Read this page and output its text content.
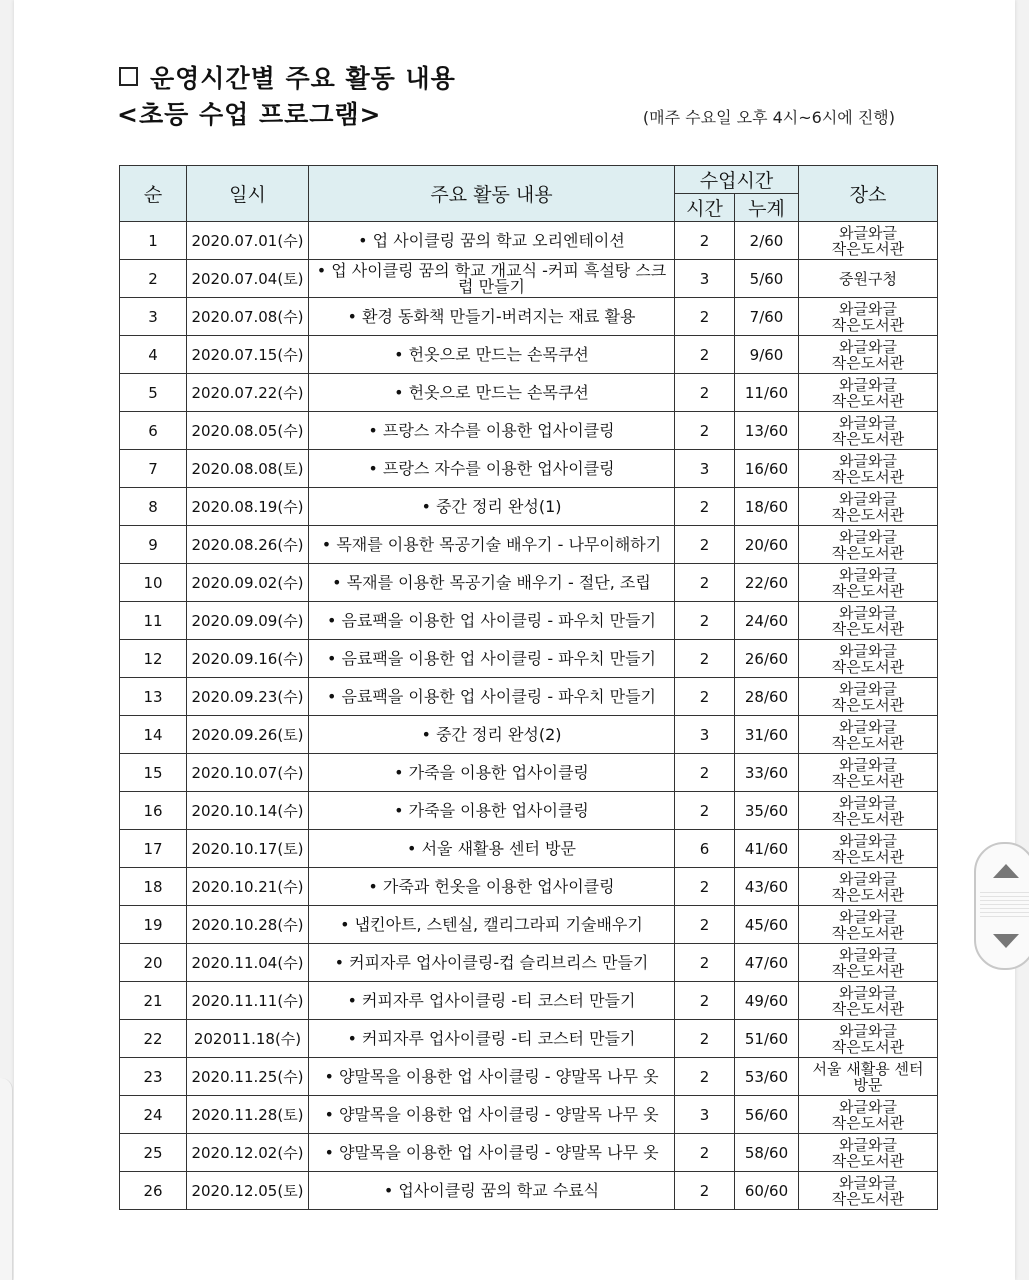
운영시간별 주요 활동 내용
<초등 수업 프로그램>	(매주 수요일 오후 4시~6시에 진행)
순	일시	주요 활동 내용	수업시간		장소
			시간	누계	
1	2020.07.01(수)	• 업 사이클링 꿈의 학교 오리엔테이션	2	2/60	와글와글
작은도서관

2	2020.07.04(토)	• 업 사이클링 꿈의 학교 개교식 -커피 흑설탕 스크럽 만들기	3	5/60	중원구청

3	2020.07.08(수)	• 환경 동화책 만들기-버려지는 재료 활용	2	7/60	와글와글
작은도서관

4	2020.07.15(수)	• 헌옷으로 만드는 손목쿠션	2	9/60	와글와글
작은도서관

5	2020.07.22(수)	• 헌옷으로 만드는 손목쿠션	2	11/60	와글와글
작은도서관

6	2020.08.05(수)	• 프랑스 자수를 이용한 업사이클링	2	13/60	와글와글
작은도서관

7	2020.08.08(토)	• 프랑스 자수를 이용한 업사이클링	3	16/60	와글와글
작은도서관

8	2020.08.19(수)	• 중간 정리 완성(1)	2	18/60	와글와글
작은도서관

9	2020.08.26(수)	• 목재를 이용한 목공기술 배우기 - 나무이해하기	2	20/60	와글와글
작은도서관

10	2020.09.02(수)	• 목재를 이용한 목공기술 배우기 - 절단, 조립	2	22/60	와글와글
작은도서관

11	2020.09.09(수)	• 음료팩을 이용한 업 사이클링 - 파우치 만들기	2	24/60	와글와글
작은도서관

12	2020.09.16(수)	• 음료팩을 이용한 업 사이클링 - 파우치 만들기	2	26/60	와글와글
작은도서관

13	2020.09.23(수)	• 음료팩을 이용한 업 사이클링 - 파우치 만들기	2	28/60	와글와글
작은도서관

14	2020.09.26(토)	• 중간 정리 완성(2)	3	31/60	와글와글
작은도서관

15	2020.10.07(수)	• 가죽을 이용한 업사이클링	2	33/60	와글와글
작은도서관

16	2020.10.14(수)	• 가죽을 이용한 업사이클링	2	35/60	와글와글
작은도서관

17	2020.10.17(토)	• 서울 새활용 센터 방문	6	41/60	와글와글
작은도서관

18	2020.10.21(수)	• 가죽과 헌옷을 이용한 업사이클링	2	43/60	와글와글
작은도서관

19	2020.10.28(수)	• 냅킨아트, 스텐실, 캘리그라피 기술배우기	2	45/60	와글와글
작은도서관

20	2020.11.04(수)	• 커피자루 업사이클링-컵 슬리브리스 만들기	2	47/60	와글와글
작은도서관

21	2020.11.11(수)	• 커피자루 업사이클링 -티 코스터 만들기	2	49/60	와글와글
작은도서관

22	202011.18(수)	• 커피자루 업사이클링 -티 코스터 만들기	2	51/60	와글와글
작은도서관

23	2020.11.25(수)	• 양말목을 이용한 업 사이클링 - 양말목 나무 옷	2	53/60	서울 새활용 센터
방문

24	2020.11.28(토)	• 양말목을 이용한 업 사이클링 - 양말목 나무 옷	3	56/60	와글와글
작은도서관

25	2020.12.02(수)	• 양말목을 이용한 업 사이클링 - 양말목 나무 옷	2	58/60	와글와글
작은도서관

26	2020.12.05(토)	• 업사이클링 꿈의 학교 수료식	2	60/60	와글와글
작은도서관
